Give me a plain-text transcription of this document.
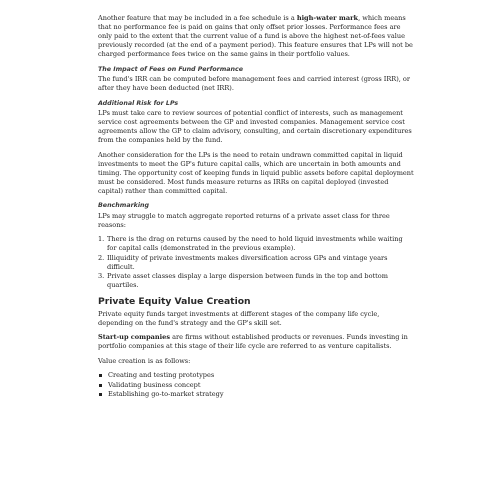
Another feature that may be included in a fee schedule is a high-water mark, which means that no performance fee is paid on gains that only offset prior losses. Performance fees are only paid to the extent that the current value of a fund is above the highest net-of-fees value previously recorded (at the end of a payment period). This feature ensures that LPs will not be charged performance fees twice on the same gains in their portfolio values.

The Impact of Fees on Fund Performance

The fund's IRR can be computed before management fees and carried interest (gross IRR), or after they have been deducted (net IRR).

Additional Risk for LPs

LPs must take care to review sources of potential conflict of interests, such as management service cost agreements between the GP and invested companies. Management service cost agreements allow the GP to claim advisory, consulting, and certain discretionary expenditures from the companies held by the fund.

Another consideration for the LPs is the need to retain undrawn committed capital in liquid investments to meet the GP's future capital calls, which are uncertain in both amounts and timing. The opportunity cost of keeping funds in liquid public assets before capital deployment must be considered. Most funds measure returns as IRRs on capital deployed (invested capital) rather than committed capital.

Benchmarking

LPs may struggle to match aggregate reported returns of a private asset class for three reasons:

1. There is the drag on returns caused by the need to hold liquid investments while waiting for capital calls (demonstrated in the previous example).
2. Illiquidity of private investments makes diversification across GPs and vintage years difficult.
3. Private asset classes display a large dispersion between funds in the top and bottom quartiles.
Private Equity Value Creation

Private equity funds target investments at different stages of the company life cycle, depending on the fund's strategy and the GP's skill set.

Start-up companies are firms without established products or revenues. Funds investing in portfolio companies at this stage of their life cycle are referred to as venture capitalists.

Value creation is as follows:

Creating and testing prototypes
Validating business concept
Establishing go-to-market strategy
